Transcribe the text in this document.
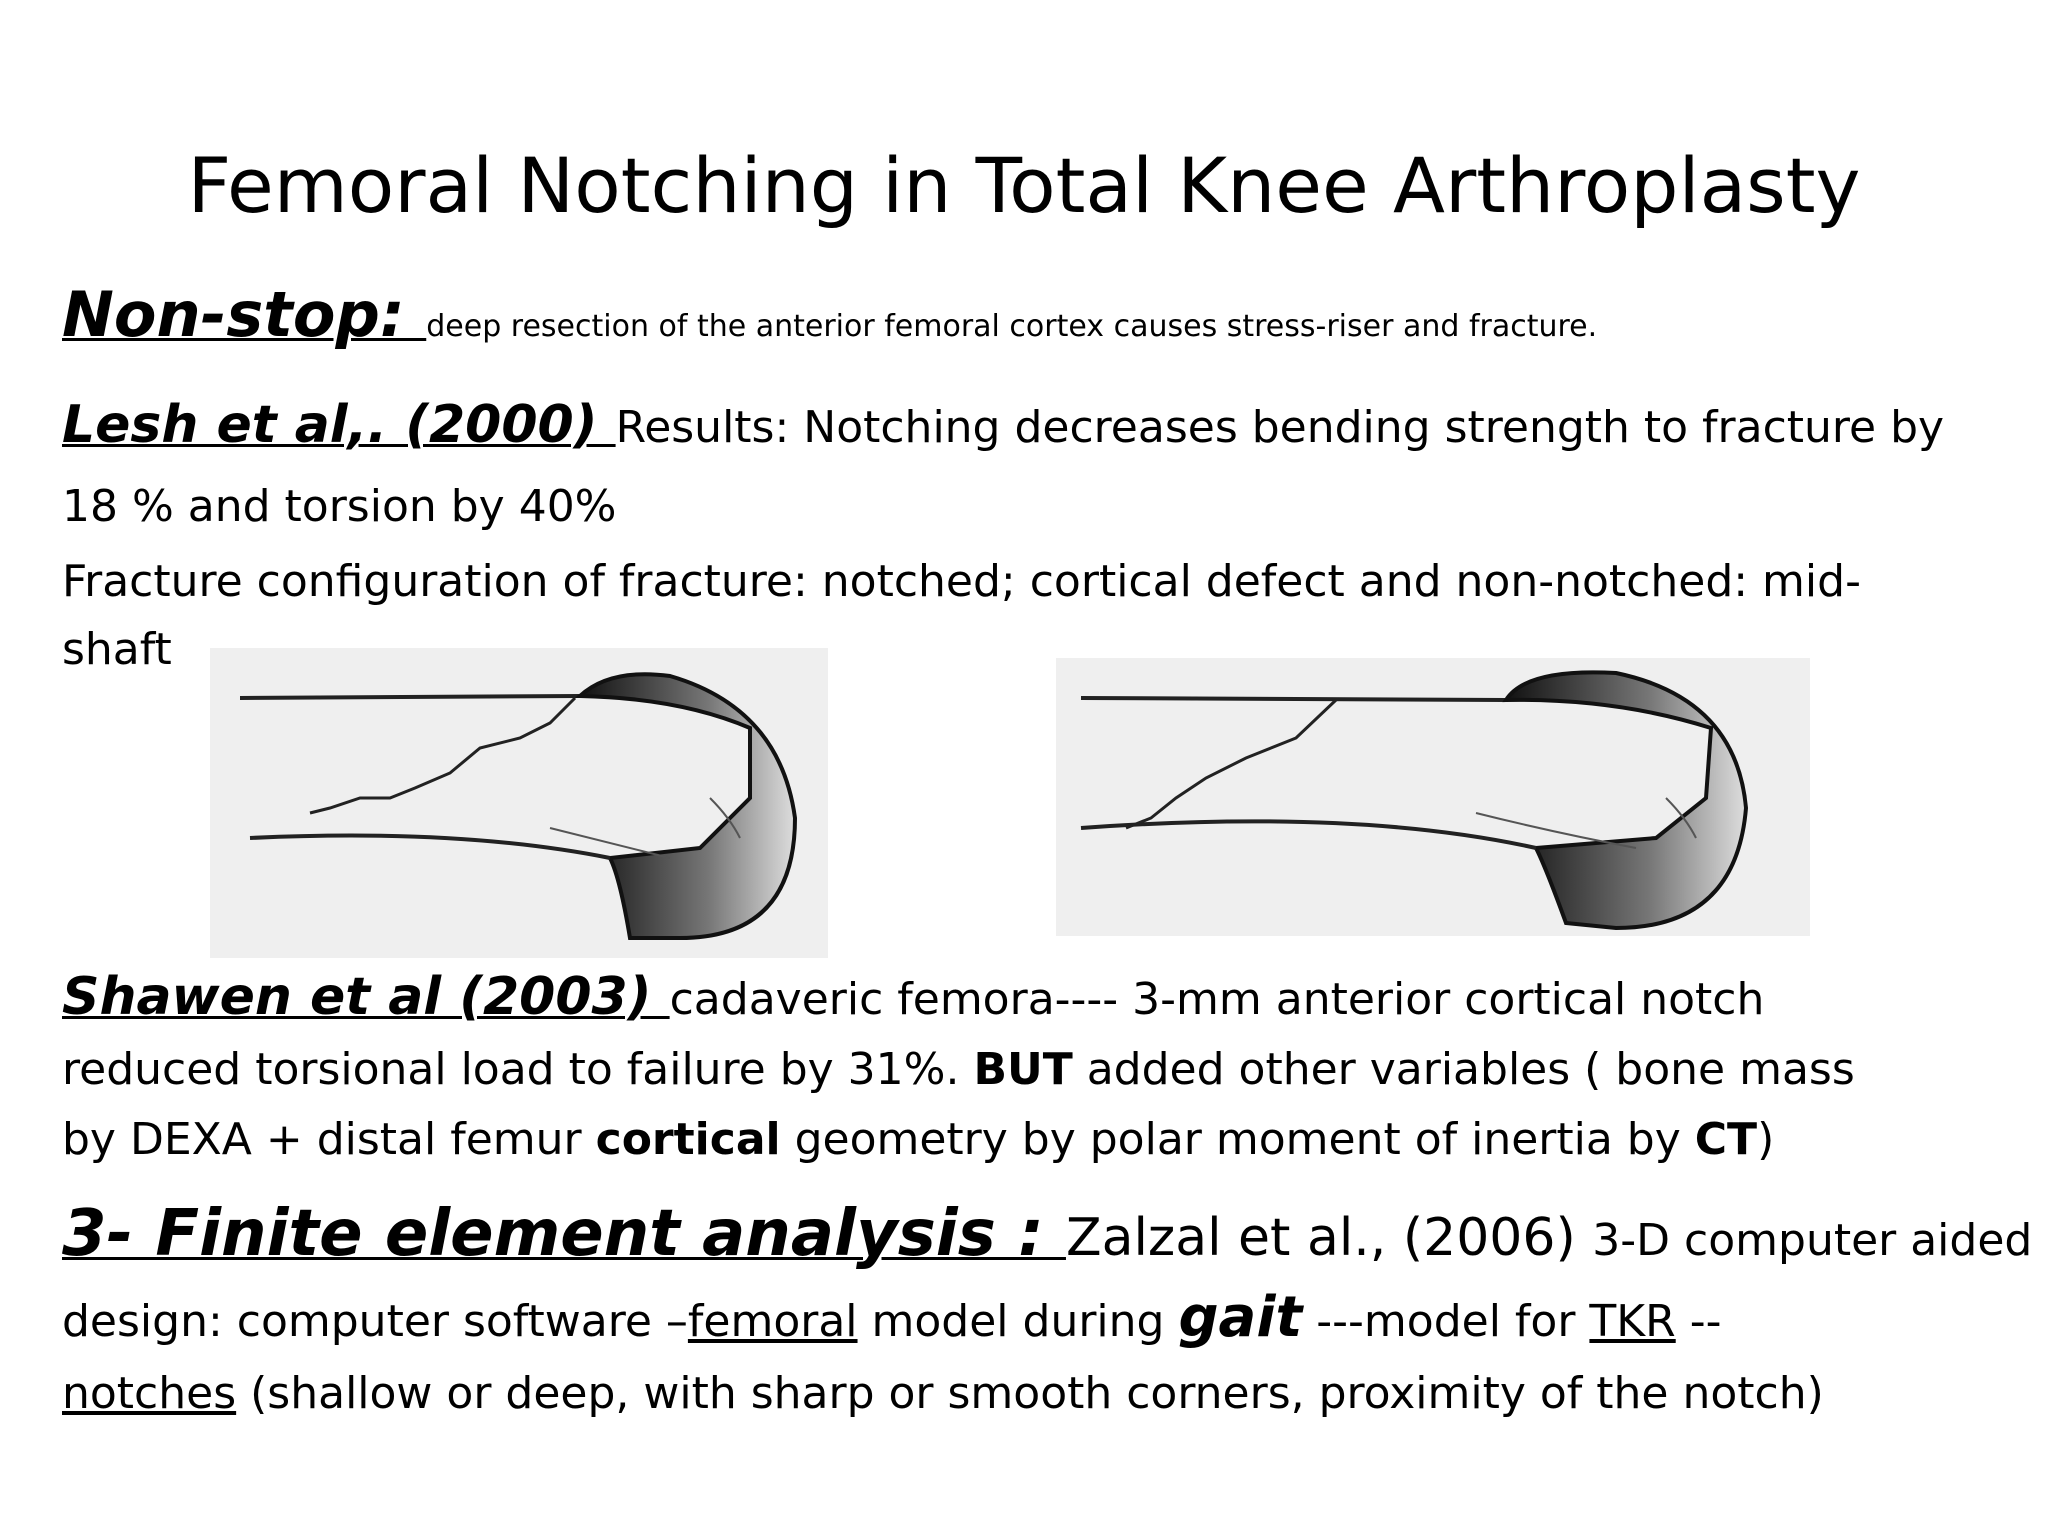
Femoral Notching in Total Knee Arthroplasty
Non-stop: deep resection of the anterior femoral cortex causes stress-riser and fracture.
Lesh et al,. (2000) Results: Notching decreases bending strength to fracture by
18 % and torsion by 40%
Fracture configuration of fracture: notched; cortical defect and non-notched: mid-
shaft
Shawen et al (2003) cadaveric femora---- 3-mm anterior cortical notch
reduced torsional load to failure by 31%. BUT added other variables ( bone mass
by DEXA + distal femur cortical geometry by polar moment of inertia by CT)
3- Finite element analysis : Zalzal et al., (2006) 3-D computer aided
design: computer software –femoral model during gait ---model for TKR --
notches (shallow or deep, with sharp or smooth corners, proximity of the notch)
